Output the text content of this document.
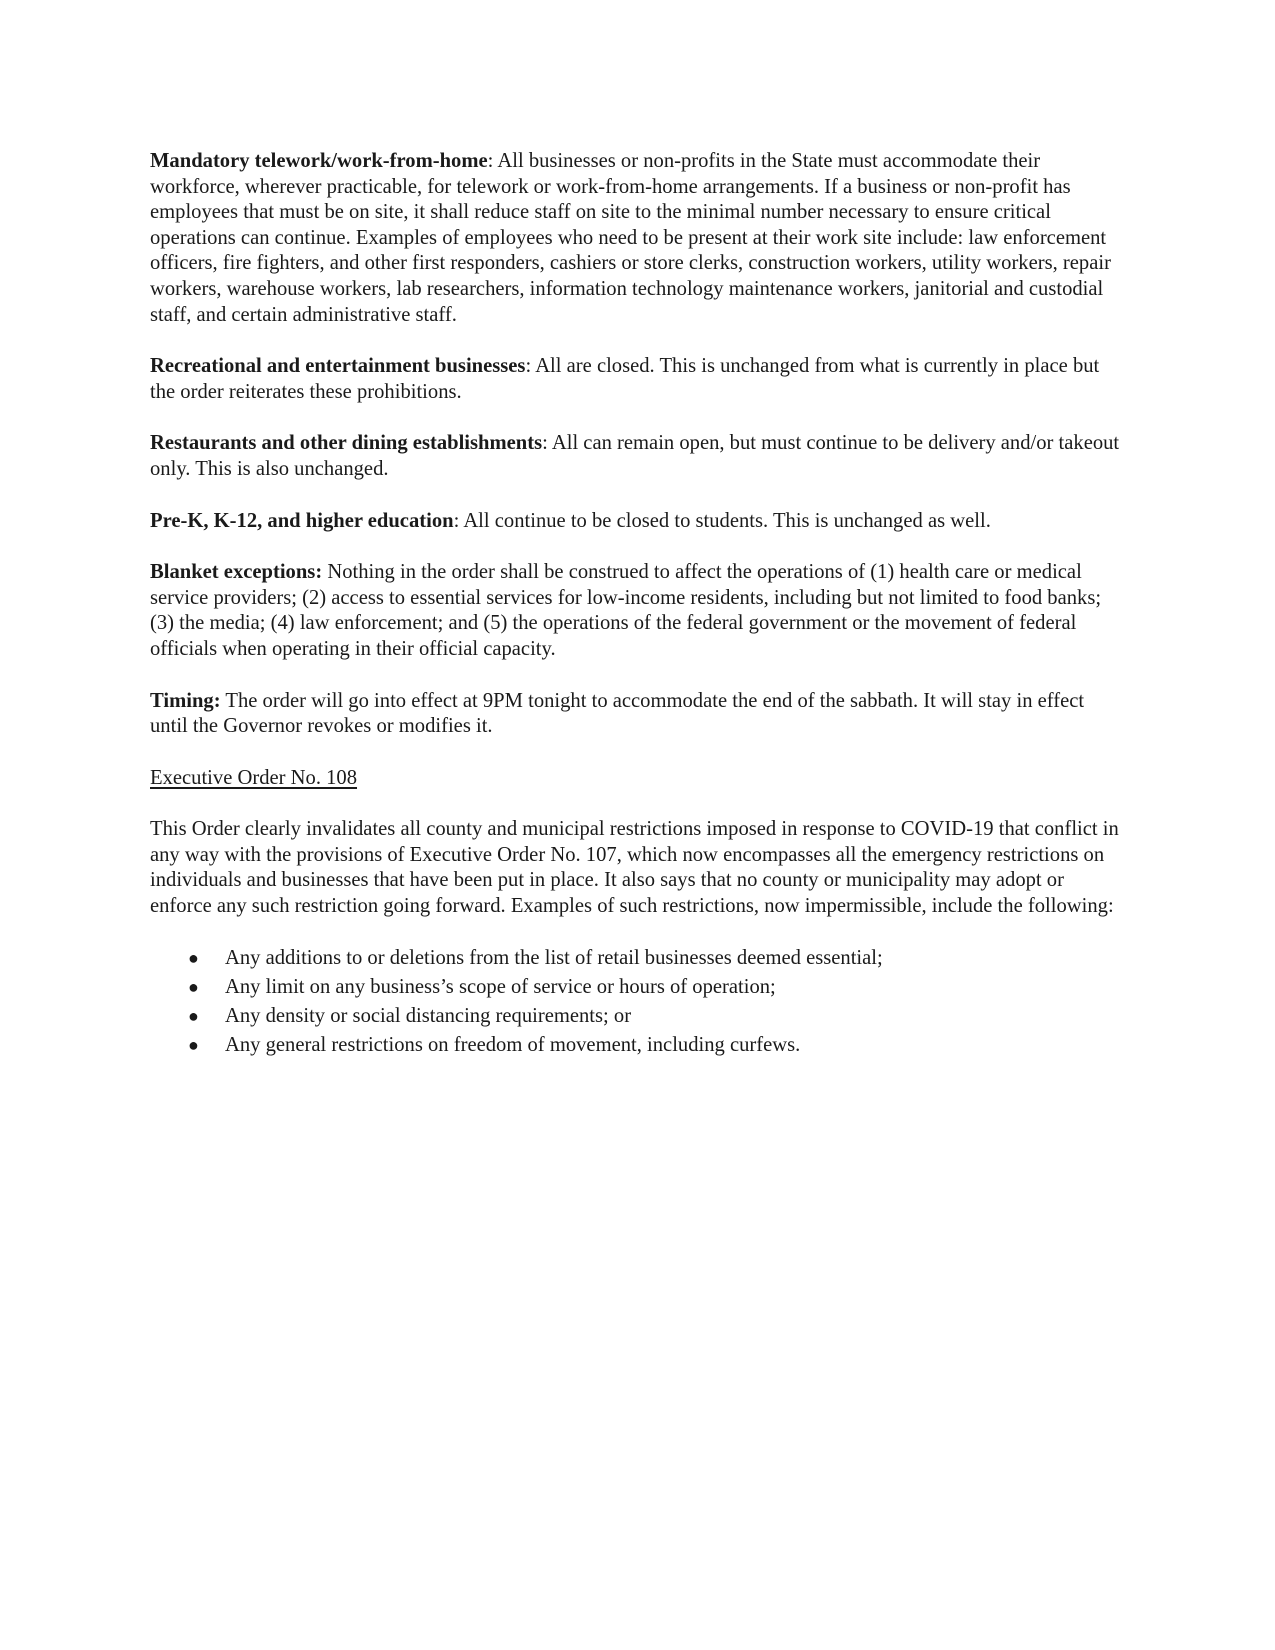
Mandatory telework/work-from-home: All businesses or non-profits in the State must accommodate their workforce, wherever practicable, for telework or work-from-home arrangements. If a business or non-profit has employees that must be on site, it shall reduce staff on site to the minimal number necessary to ensure critical operations can continue. Examples of employees who need to be present at their work site include: law enforcement officers, fire fighters, and other first responders, cashiers or store clerks, construction workers, utility workers, repair workers, warehouse workers, lab researchers, information technology maintenance workers, janitorial and custodial staff, and certain administrative staff.

Recreational and entertainment businesses: All are closed. This is unchanged from what is currently in place but the order reiterates these prohibitions.

Restaurants and other dining establishments: All can remain open, but must continue to be delivery and/or takeout only. This is also unchanged.

Pre-K, K-12, and higher education: All continue to be closed to students. This is unchanged as well.

Blanket exceptions: Nothing in the order shall be construed to affect the operations of (1) health care or medical service providers; (2) access to essential services for low-income residents, including but not limited to food banks; (3) the media; (4) law enforcement; and (5) the operations of the federal government or the movement of federal officials when operating in their official capacity.

Timing: The order will go into effect at 9PM tonight to accommodate the end of the sabbath. It will stay in effect until the Governor revokes or modifies it.

Executive Order No. 108

This Order clearly invalidates all county and municipal restrictions imposed in response to COVID-19 that conflict in any way with the provisions of Executive Order No. 107, which now encompasses all the emergency restrictions on individuals and businesses that have been put in place. It also says that no county or municipality may adopt or enforce any such restriction going forward. Examples of such restrictions, now impermissible, include the following:

● Any additions to or deletions from the list of retail businesses deemed essential;
● Any limit on any business’s scope of service or hours of operation;
● Any density or social distancing requirements; or
● Any general restrictions on freedom of movement, including curfews.
